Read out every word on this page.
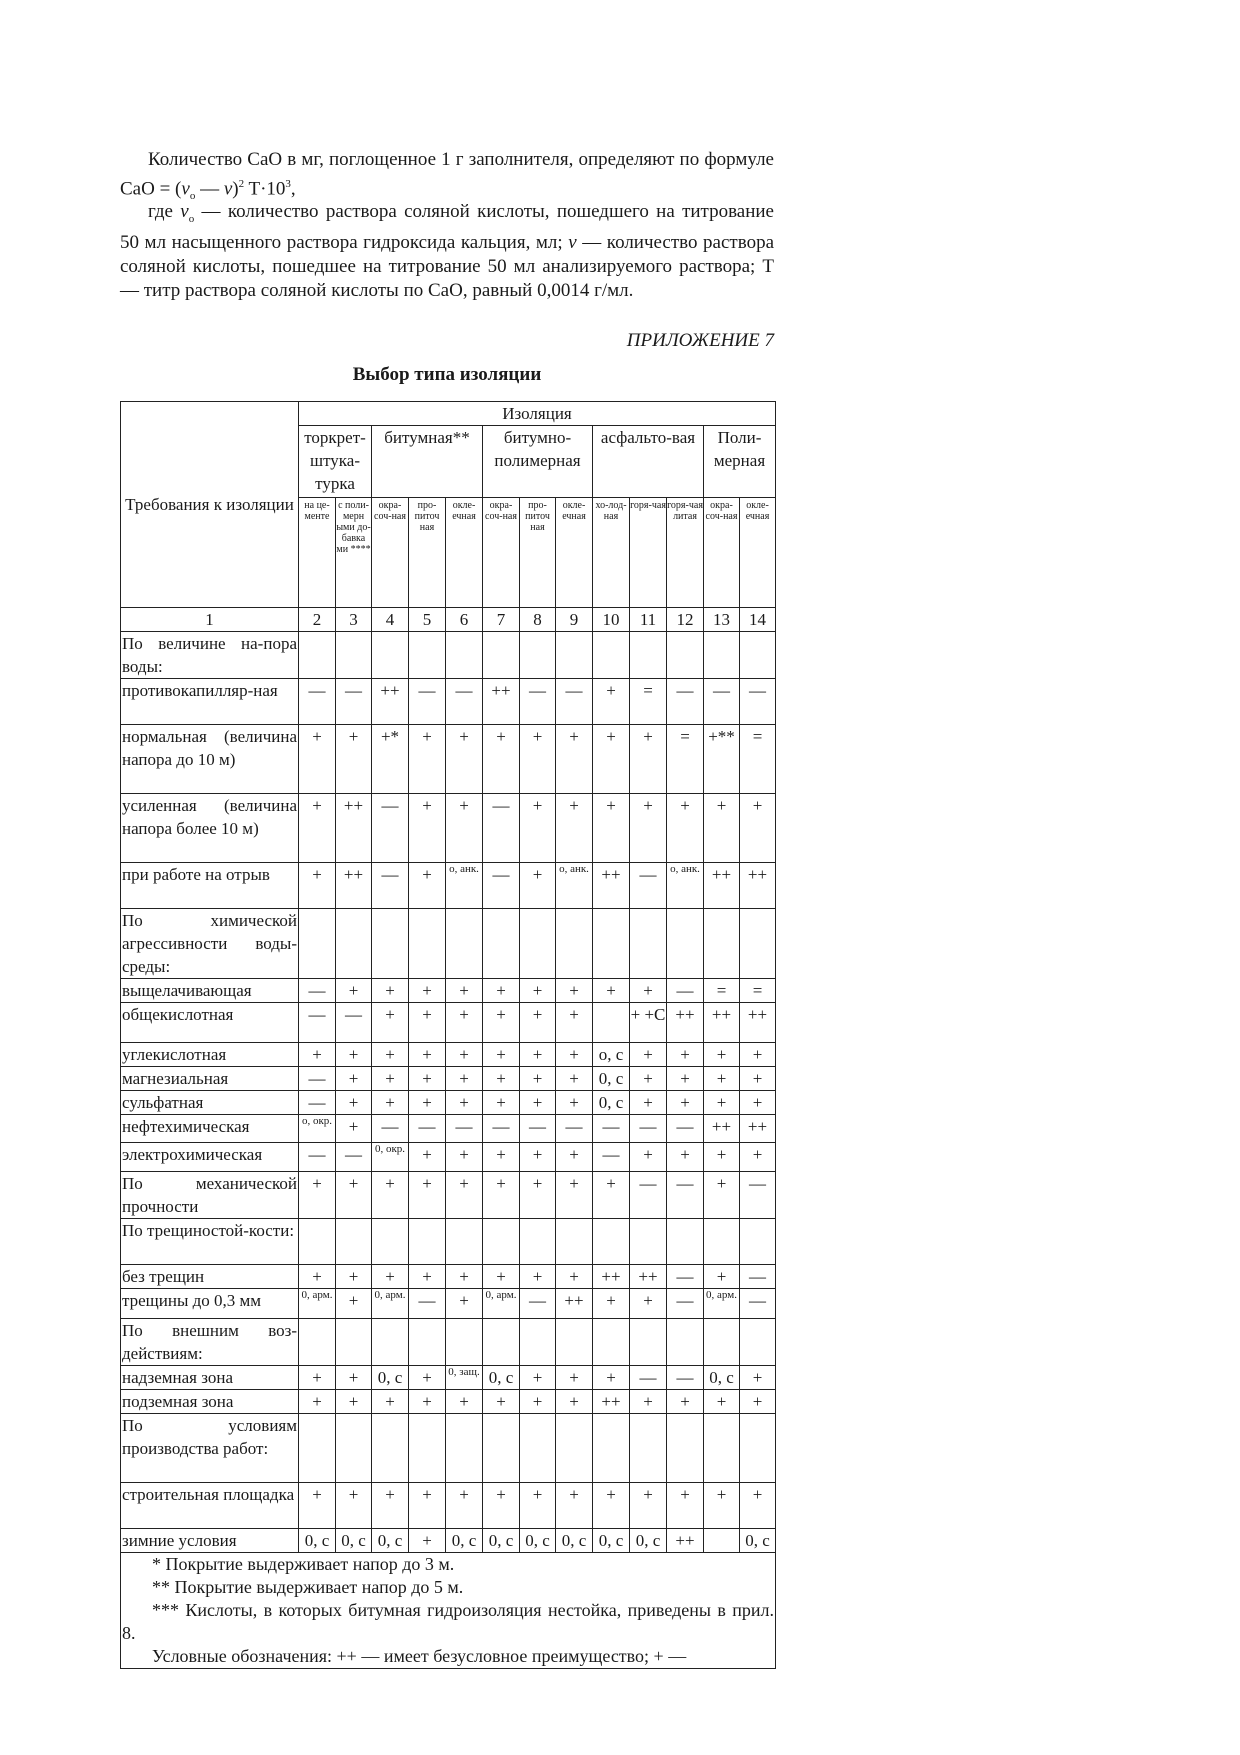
Количество CaO в мг, поглощенное 1 г заполнителя, определяют по формуле CaO = ($v_o$ — v)$^2$ $T\cdot 10^3$,

где $v_o$ — количество раствора соляной кислоты, пошедшего на титрование 50 мл насыщенного раствора гидроксида кальция, мл; v — количество раствора соляной кислоты, пошедшее на титрование 50 мл анализируемого раствора; Т — титр раствора соляной кислоты по CaO, равный 0,0014 г/мл.

ПРИЛОЖЕНИЕ 7

Выбор типа изоляции

Требования к изоляции	Изоляция												
	торкрет-штука-турка		битумная**			битумно-полимерная			асфальто-вая			Поли-мерная	
	на це-менте	с поли-мерн ыми до-бавка ми ****	окра-соч-ная	про-питоч ная	окле-ечная	окра-соч-ная	про-питоч ная	окле-ечная	хо-лод-ная	горя-чая	горя-чая литая	окра-соч-ная	окле-ечная
1	2	3	4	5	6	7	8	9	10	11	12	13	14
По величине на-пора воды:													
противокапилляр-ная	—	—	++	—	—	++	—	—	+	=	—	—	—
нормальная (величина напора до 10 м)	+	+	+*	+	+	+	+	+	+	+	=	+**	=
усиленная (величина напора более 10 м)	+	++	—	+	+	—	+	+	+	+	+	+	+
при работе на отрыв	+	++	—	+	о, анк.	—	+	о, анк.	++	—	о, анк.	++	++
По химической агрессивности воды-среды:													
выщелачивающая	—	+	+	+	+	+	+	+	+	+	—	=	=
общекислотная	—	—	+	+	+	+	+	+		+ +C	++	++	++
углекислотная	+	+	+	+	+	+	+	+	о, с	+	+	+	+
магнезиальная	—	+	+	+	+	+	+	+	0, с	+	+	+	+
сульфатная	—	+	+	+	+	+	+	+	0, с	+	+	+	+
нефтехимическая	о, окр.	+	—	—	—	—	—	—	—	—	—	++	++
электрохимическая	—	—	0, окр.	+	+	+	+	+	—	+	+	+	+
По механической прочности	+	+	+	+	+	+	+	+	+	—	—	+	—
По трещиностой-кости:													
без трещин	+	+	+	+	+	+	+	+	++	++	—	+	—
трещины до 0,3 мм	0, арм.	+	0, арм.	—	+	0, арм.	—	++	+	+	—	0, арм.	—
По внешним воз-действиям:													
надземная зона	+	+	0, с	+	0, защ.	0, с	+	+	+	—	—	0, с	+
подземная зона	+	+	+	+	+	+	+	+	++	+	+	+	+
По условиям производства работ:													
строительная площадка	+	+	+	+	+	+	+	+	+	+	+	+	+
зимние условия	0, с	0, с	0, с	+	0, с	0, с	0, с	0, с	0, с	0, с	++		0, с

* Покрытие выдерживает напор до 3 м.
** Покрытие выдерживает напор до 5 м.
*** Кислоты, в которых битумная гидроизоляция нестойка, приведены в прил. 8.
Условные обозначения: ++ — имеет безусловное преимущество; + —													
